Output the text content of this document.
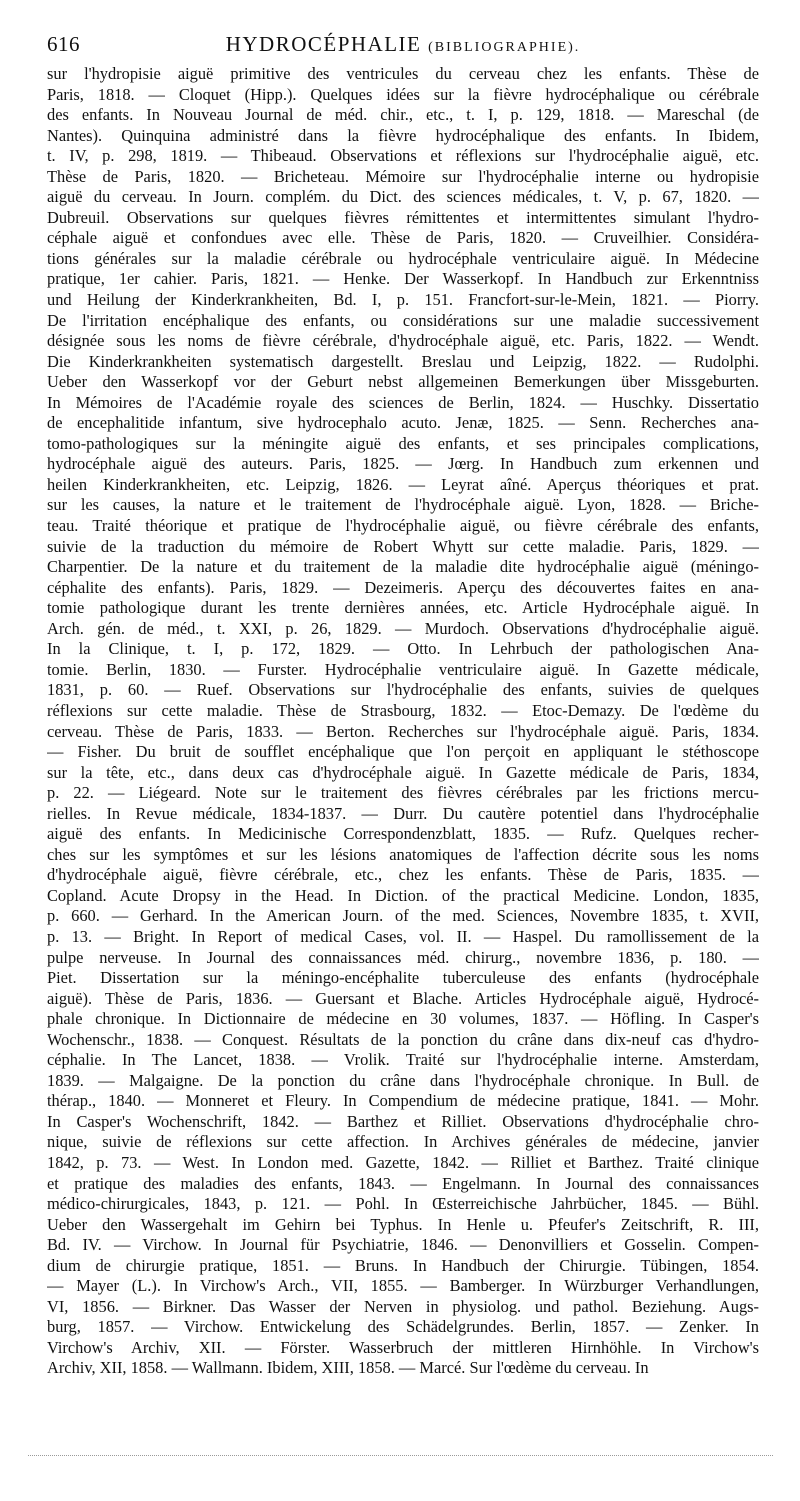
616	HYDROCÉPHALIE (BIBLIOGRAPHIE).
sur l'hydropisie aiguë primitive des ventricules du cerveau chez les enfants. Thèse de
Paris, 1818. — Cloquet (Hipp.). Quelques idées sur la fièvre hydrocéphalique ou cérébrale
des enfants. In Nouveau Journal de méd. chir., etc., t. I, p. 129, 1818. — Mareschal (de
Nantes). Quinquina administré dans la fièvre hydrocéphalique des enfants. In Ibidem,
t. IV, p. 298, 1819. — Thibeaud. Observations et réflexions sur l'hydrocéphalie aiguë, etc.
Thèse de Paris, 1820. — Bricheteau. Mémoire sur l'hydrocéphalie interne ou hydropisie
aiguë du cerveau. In Journ. complém. du Dict. des sciences médicales, t. V, p. 67, 1820. —
Dubreuil. Observations sur quelques fièvres rémittentes et intermittentes simulant l'hydro-
céphale aiguë et confondues avec elle. Thèse de Paris, 1820. — Cruveilhier. Considéra-
tions générales sur la maladie cérébrale ou hydrocéphale ventriculaire aiguë. In Médecine
pratique, 1er cahier. Paris, 1821. — Henke. Der Wasserkopf. In Handbuch zur Erkenntniss
und Heilung der Kinderkrankheiten, Bd. I, p. 151. Francfort-sur-le-Mein, 1821. — Piorry.
De l'irritation encéphalique des enfants, ou considérations sur une maladie successivement
désignée sous les noms de fièvre cérébrale, d'hydrocéphale aiguë, etc. Paris, 1822. — Wendt.
Die Kinderkrankheiten systematisch dargestellt. Breslau und Leipzig, 1822. — Rudolphi.
Ueber den Wasserkopf vor der Geburt nebst allgemeinen Bemerkungen über Missgeburten.
In Mémoires de l'Académie royale des sciences de Berlin, 1824. — Huschky. Dissertatio
de encephalitide infantum, sive hydrocephalo acuto. Jenæ, 1825. — Senn. Recherches ana-
tomo-pathologiques sur la méningite aiguë des enfants, et ses principales complications,
hydrocéphale aiguë des auteurs. Paris, 1825. — Jœrg. In Handbuch zum erkennen und
heilen Kinderkrankheiten, etc. Leipzig, 1826. — Leyrat aîné. Aperçus théoriques et prat.
sur les causes, la nature et le traitement de l'hydrocéphale aiguë. Lyon, 1828. — Briche-
teau. Traité théorique et pratique de l'hydrocéphalie aiguë, ou fièvre cérébrale des enfants,
suivie de la traduction du mémoire de Robert Whytt sur cette maladie. Paris, 1829. —
Charpentier. De la nature et du traitement de la maladie dite hydrocéphalie aiguë (méningo-
céphalite des enfants). Paris, 1829. — Dezeimeris. Aperçu des découvertes faites en ana-
tomie pathologique durant les trente dernières années, etc. Article Hydrocéphale aiguë. In
Arch. gén. de méd., t. XXI, p. 26, 1829. — Murdoch. Observations d'hydrocéphalie aiguë.
In la Clinique, t. I, p. 172, 1829. — Otto. In Lehrbuch der pathologischen Ana-
tomie. Berlin, 1830. — Furster. Hydrocéphalie ventriculaire aiguë. In Gazette médicale,
1831, p. 60. — Ruef. Observations sur l'hydrocéphalie des enfants, suivies de quelques
réflexions sur cette maladie. Thèse de Strasbourg, 1832. — Etoc-Demazy. De l'œdème du
cerveau. Thèse de Paris, 1833. — Berton. Recherches sur l'hydrocéphale aiguë. Paris, 1834.
— Fisher. Du bruit de soufflet encéphalique que l'on perçoit en appliquant le stéthoscope
sur la tête, etc., dans deux cas d'hydrocéphale aiguë. In Gazette médicale de Paris, 1834,
p. 22. — Liégeard. Note sur le traitement des fièvres cérébrales par les frictions mercu-
rielles. In Revue médicale, 1834-1837. — Durr. Du cautère potentiel dans l'hydrocéphalie
aiguë des enfants. In Medicinische Correspondenzblatt, 1835. — Rufz. Quelques recher-
ches sur les symptômes et sur les lésions anatomiques de l'affection décrite sous les noms
d'hydrocéphale aiguë, fièvre cérébrale, etc., chez les enfants. Thèse de Paris, 1835. —
Copland. Acute Dropsy in the Head. In Diction. of the practical Medicine. London, 1835,
p. 660. — Gerhard. In the American Journ. of the med. Sciences, Novembre 1835, t. XVII,
p. 13. — Bright. In Report of medical Cases, vol. II. — Haspel. Du ramollissement de la
pulpe nerveuse. In Journal des connaissances méd. chirurg., novembre 1836, p. 180. —
Piet. Dissertation sur la méningo-encéphalite tuberculeuse des enfants (hydrocéphale
aiguë). Thèse de Paris, 1836. — Guersant et Blache. Articles Hydrocéphale aiguë, Hydrocé-
phale chronique. In Dictionnaire de médecine en 30 volumes, 1837. — Höfling. In Casper's
Wochenschr., 1838. — Conquest. Résultats de la ponction du crâne dans dix-neuf cas d'hydro-
céphalie. In The Lancet, 1838. — Vrolik. Traité sur l'hydrocéphalie interne. Amsterdam,
1839. — Malgaigne. De la ponction du crâne dans l'hydrocéphale chronique. In Bull. de
thérap., 1840. — Monneret et Fleury. In Compendium de médecine pratique, 1841. — Mohr.
In Casper's Wochenschrift, 1842. — Barthez et Rilliet. Observations d'hydrocéphalie chro-
nique, suivie de réflexions sur cette affection. In Archives générales de médecine, janvier
1842, p. 73. — West. In London med. Gazette, 1842. — Rilliet et Barthez. Traité clinique
et pratique des maladies des enfants, 1843. — Engelmann. In Journal des connaissances
médico-chirurgicales, 1843, p. 121. — Pohl. In Œsterreichische Jahrbücher, 1845. — Bühl.
Ueber den Wassergehalt im Gehirn bei Typhus. In Henle u. Pfeufer's Zeitschrift, R. III,
Bd. IV. — Virchow. In Journal für Psychiatrie, 1846. — Denonvilliers et Gosselin. Compen-
dium de chirurgie pratique, 1851. — Bruns. In Handbuch der Chirurgie. Tübingen, 1854.
— Mayer (L.). In Virchow's Arch., VII, 1855. — Bamberger. In Würzburger Verhandlungen,
VI, 1856. — Birkner. Das Wasser der Nerven in physiolog. und pathol. Beziehung. Augs-
burg, 1857. — Virchow. Entwickelung des Schädelgrundes. Berlin, 1857. — Zenker. In
Virchow's Archiv, XII. — Förster. Wasserbruch der mittleren Hirnhöhle. In Virchow's
Archiv, XII, 1858. — Wallmann. Ibidem, XIII, 1858. — Marcé. Sur l'œdème du cerveau. In
